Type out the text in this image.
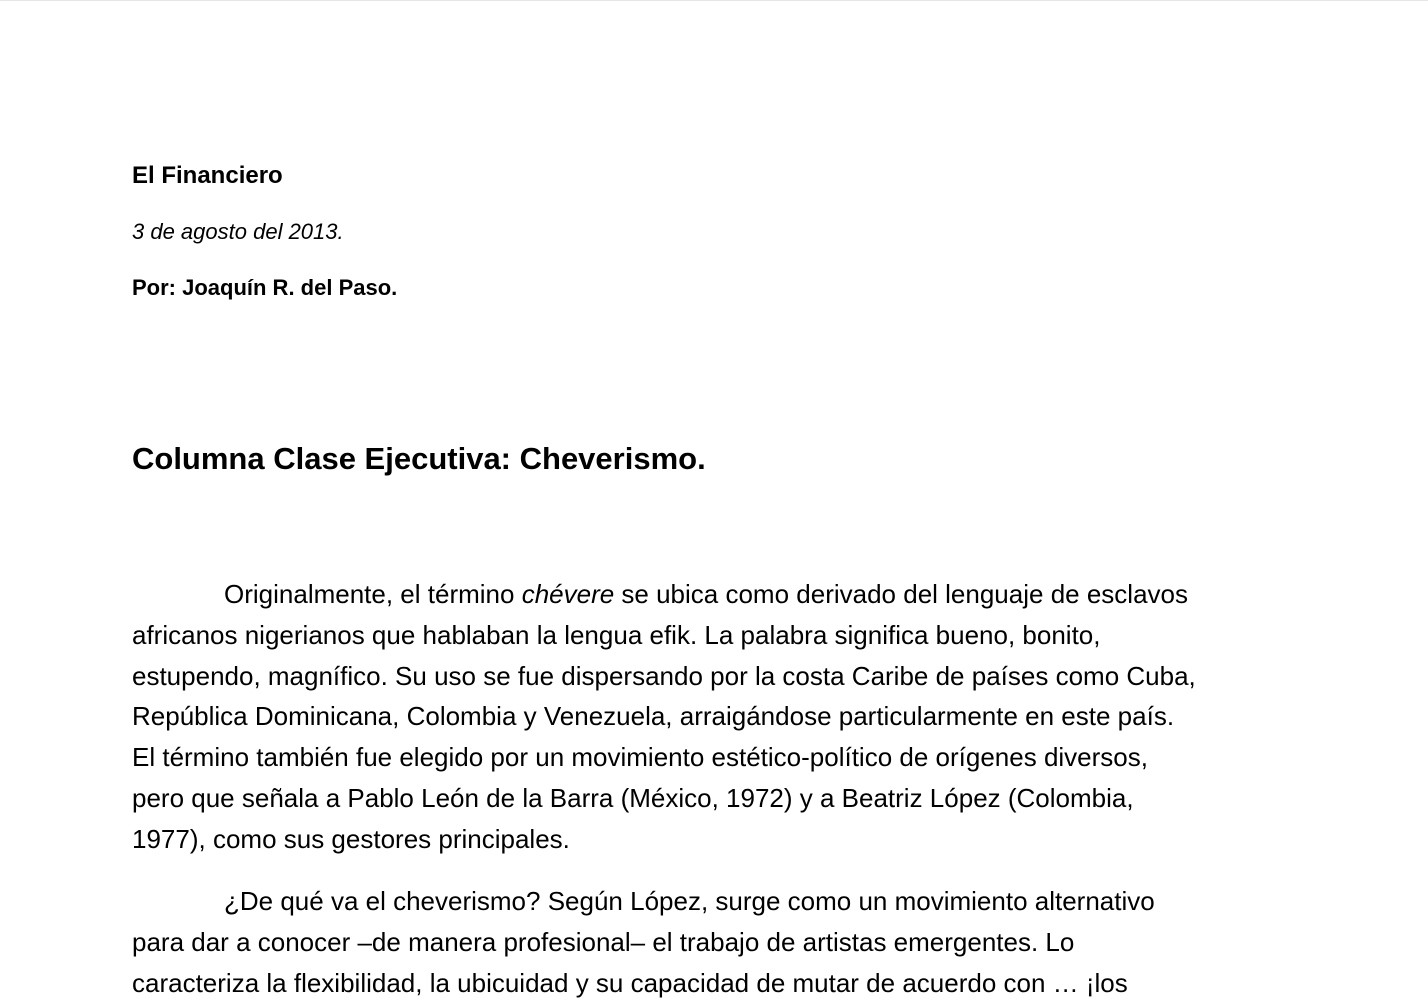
El Financiero
3 de agosto del 2013.
Por: Joaquín R. del Paso.
Columna Clase Ejecutiva: Cheverismo.

Originalmente, el término chévere se ubica como derivado del lenguaje de esclavos
africanos nigerianos que hablaban la lengua efik. La palabra significa bueno, bonito,
estupendo, magnífico. Su uso se fue dispersando por la costa Caribe de países como Cuba,
República Dominicana, Colombia y Venezuela, arraigándose particularmente en este país.
El término también fue elegido por un movimiento estético-político de orígenes diversos,
pero que señala a Pablo León de la Barra (México, 1972) y a Beatriz López (Colombia,
1977), como sus gestores principales.

¿De qué va el cheverismo? Según López, surge como un movimiento alternativo
para dar a conocer –de manera profesional– el trabajo de artistas emergentes. Lo
caracteriza la flexibilidad, la ubicuidad y su capacidad de mutar de acuerdo con … ¡los
